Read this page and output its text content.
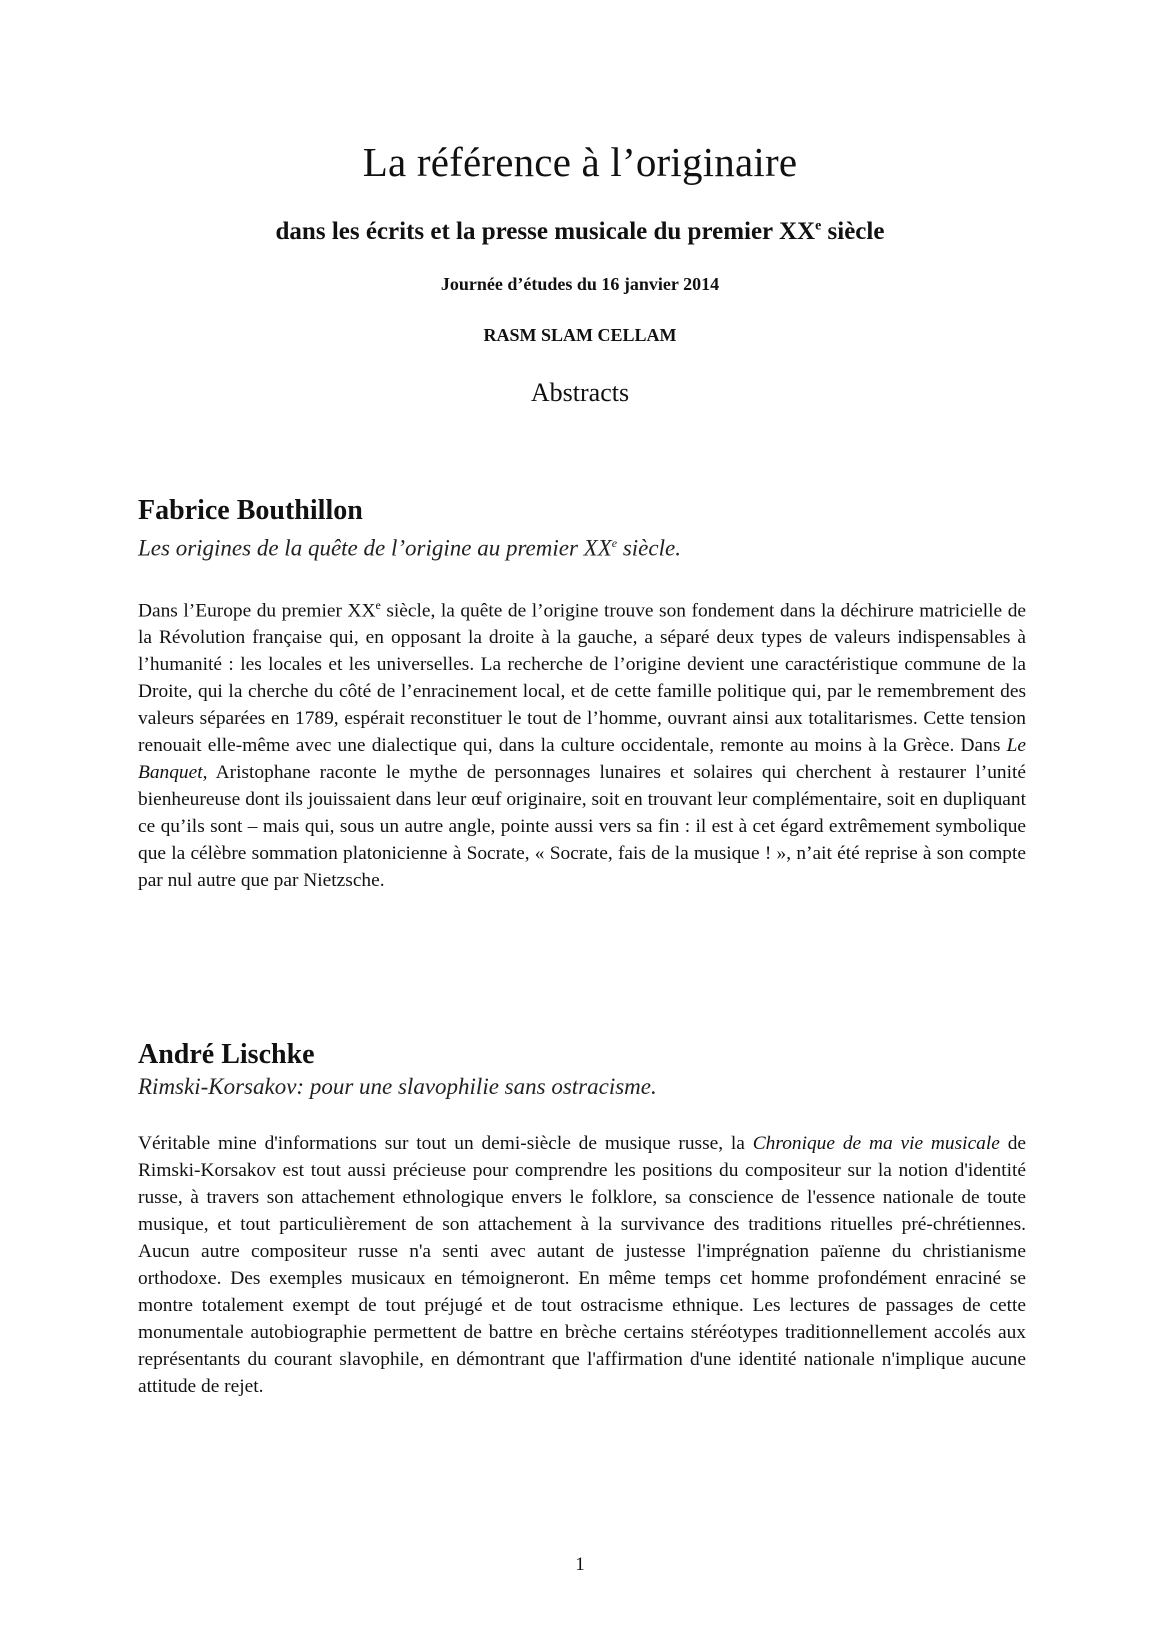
La référence à l’originaire
dans les écrits et la presse musicale du premier XXe siècle
Journée d’études du 16 janvier 2014
RASM SLAM CELLAM
Abstracts
Fabrice Bouthillon

Les origines de la quête de l’origine au premier XXe siècle.

Dans l’Europe du premier XXe siècle, la quête de l’origine trouve son fondement dans la déchirure matricielle de la Révolution française qui, en opposant la droite à la gauche, a séparé deux types de valeurs indispensables à l’humanité : les locales et les universelles. La recherche de l’origine devient une caractéristique commune de la Droite, qui la cherche du côté de l’enracinement local, et de cette famille politique qui, par le remembrement des valeurs séparées en 1789, espérait reconstituer le tout de l’homme, ouvrant ainsi aux totalitarismes. Cette tension renouait elle-même avec une dialectique qui, dans la culture occidentale, remonte au moins à la Grèce. Dans Le Banquet, Aristophane raconte le mythe de personnages lunaires et solaires qui cherchent à restaurer l’unité bienheureuse dont ils jouissaient dans leur œuf originaire, soit en trouvant leur complémentaire, soit en dupliquant ce qu’ils sont – mais qui, sous un autre angle, pointe aussi vers sa fin : il est à cet égard extrêmement symbolique que la célèbre sommation platonicienne à Socrate, « Socrate, fais de la musique ! », n’ait été reprise à son compte par nul autre que par Nietzsche.

André Lischke

Rimski-Korsakov: pour une slavophilie sans ostracisme.

Véritable mine d'informations sur tout un demi-siècle de musique russe, la Chronique de ma vie musicale de Rimski-Korsakov est tout aussi précieuse pour comprendre les positions du compositeur sur la notion d'identité russe, à travers son attachement ethnologique envers le folklore, sa conscience de l'essence nationale de toute musique, et tout particulièrement de son attachement à la survivance des traditions rituelles pré-chrétiennes. Aucun autre compositeur russe n'a senti avec autant de justesse l'imprégnation païenne du christianisme orthodoxe. Des exemples musicaux en témoigneront. En même temps cet homme profondément enraciné se montre totalement exempt de tout préjugé et de tout ostracisme ethnique. Les lectures de passages de cette monumentale autobiographie permettent de battre en brèche certains stéréotypes traditionnellement accolés aux représentants du courant slavophile, en démontrant que l'affirmation d'une identité nationale n'implique aucune attitude de rejet.

1
